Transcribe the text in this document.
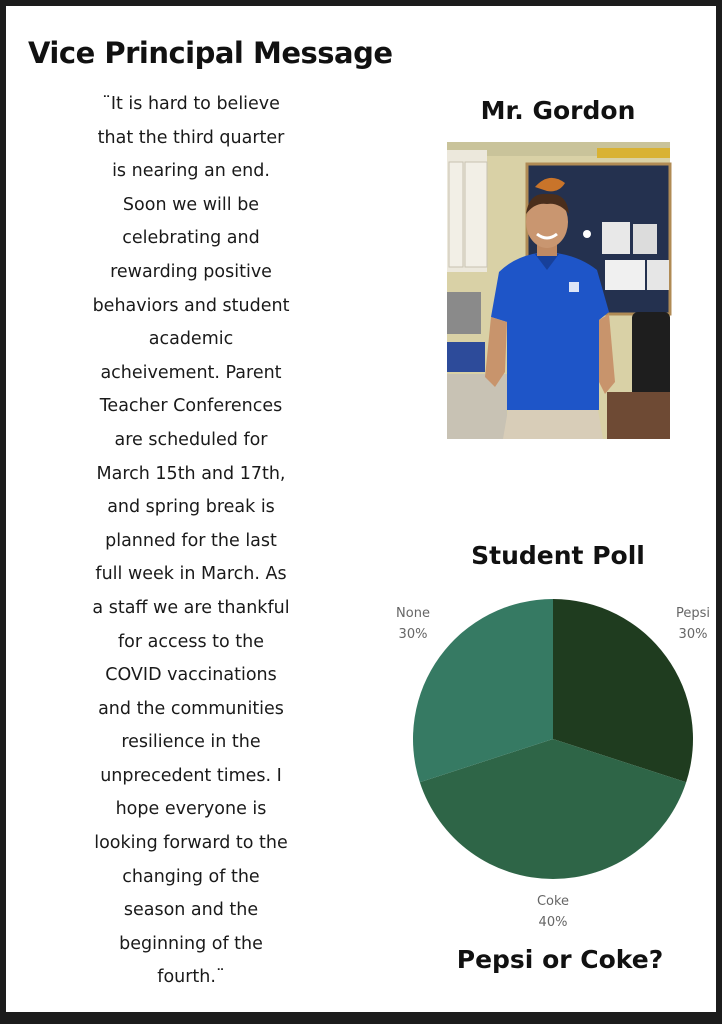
Vice Principal Message
¨It is hard to believe
that the third quarter
is nearing an end.
Soon we will be
celebrating and
rewarding positive
behaviors and student
academic
acheivement. Parent
Teacher Conferences
are scheduled for
March 15th and 17th,
and spring break is
planned for the last
full week in March. As
a staff we are thankful
for access to the
COVID vaccinations
and the communities
resilience in the
unprecedent times. I
hope everyone is
looking forward to the
changing of the
season and the
beginning of the
fourth.¨
Mr. Gordon
Student Poll
Pepsi
30%
Coke
40%
None
30%
Pepsi or Coke?
